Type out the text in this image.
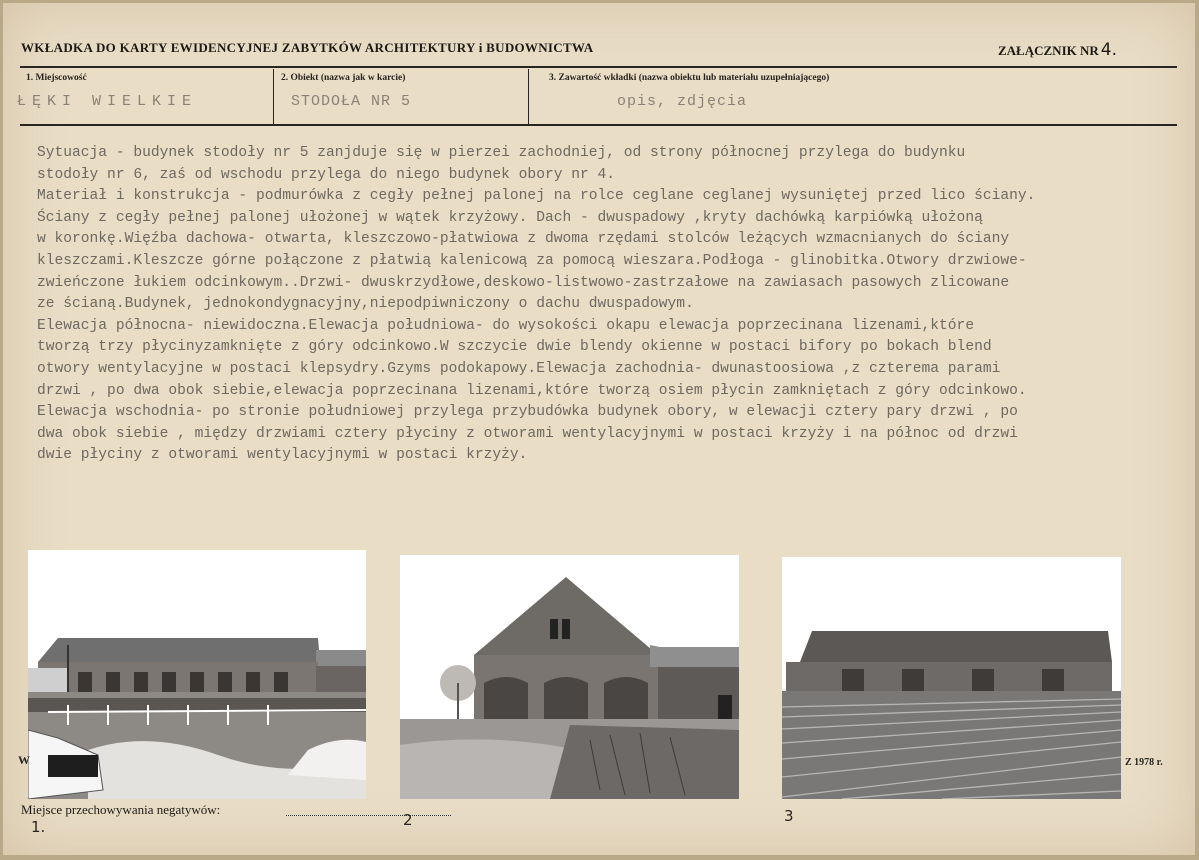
WKŁADKA DO KARTY EWIDENCYJNEJ ZABYTKÓW ARCHITEKTURY i BUDOWNICTWA	ZAŁĄCZNIK NR 4.
1. Miejscowość
ŁĘKI WIELKIE
2. Obiekt (nazwa jak w karcie)
STODOŁA NR 5
3. Zawartość wkładki (nazwa obiektu lub materiału uzupełniającego)
opis, zdjęcia

Sytuacja - budynek stodoły nr 5 zanjduje się w pierzei zachodniej, od strony północnej przylega do budynku

stodoły nr 6, zaś od wschodu przylega do niego budynek obory nr 4.

Materiał i konstrukcja - podmurówka z cegły pełnej palonej na rolce ceglane ceglanej wysuniętej przed lico ściany.

Ściany z cegły pełnej palonej ułożonej w wątek krzyżowy. Dach - dwuspadowy ,kryty dachówką karpiówką ułożoną

w koronkę.Więźba dachowa- otwarta, kleszczowo-płatwiowa z dwoma rzędami stolców leżących wzmacnianych do ściany

kleszczami.Kleszcze górne połączone z płatwią kalenicową za pomocą wieszara.Podłoga - glinobitka.Otwory drzwiowe-

zwieńczone łukiem odcinkowym..Drzwi- dwuskrzydłowe,deskowo-listwowo-zastrzałowe na zawiasach pasowych zlicowane

ze ścianą.Budynek, jednokondygnacyjny,niepodpiwniczony o dachu dwuspadowym.

Elewacja północna- niewidoczna.Elewacja południowa- do wysokości okapu elewacja poprzecinana lizenami,które

tworzą trzy płycinyzamknięte z góry odcinkowo.W szczycie dwie blendy okienne w postaci bifory po bokach blend

otwory wentylacyjne w postaci klepsydry.Gzyms podokapowy.Elewacja zachodnia- dwunastoosiowa ,z czterema parami

drzwi , po dwa obok siebie,elewacja poprzecinana lizenami,które tworzą osiem płycin zamkniętach z góry odcinkowo.

Elewacja wschodnia- po stronie południowej przylega przybudówka budynek obory, w elewacji cztery pary drzwi , po

dwa obok siebie , między drzwiami cztery płyciny z otworami wentylacyjnymi w postaci krzyży i na północ od drzwi

dwie płyciny z otworami wentylacyjnymi w postaci krzyży.

W	Z 1978 r.
Miejsce przechowywania negatywów:
1.	2	3
